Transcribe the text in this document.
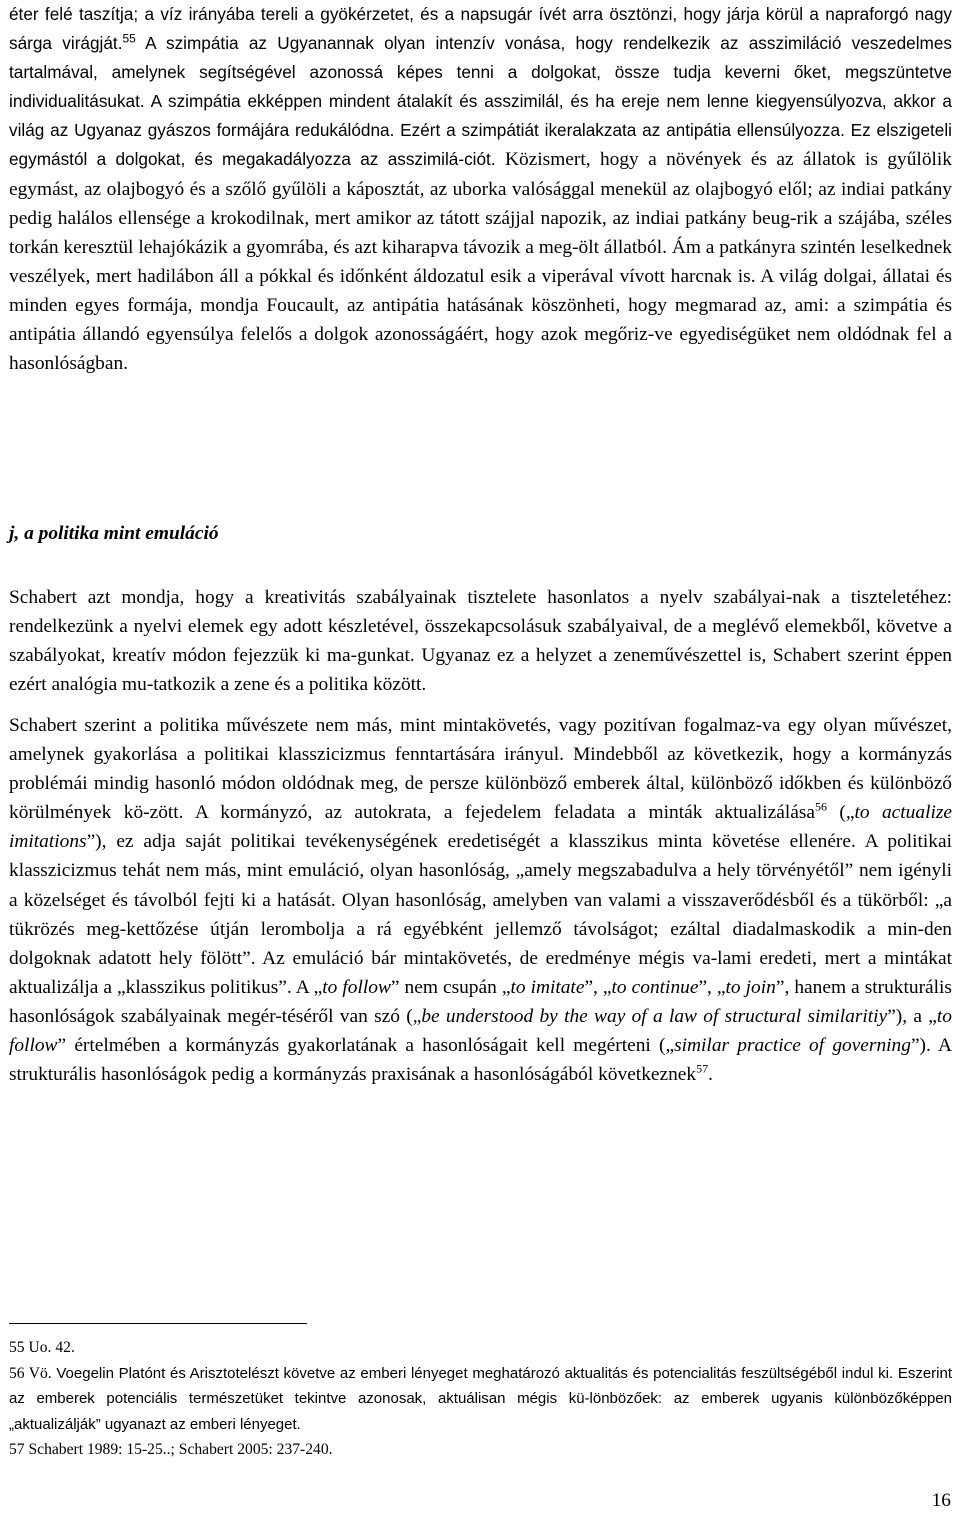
éter felé taszítja; a víz irányába tereli a gyökérzetet, és a napsugár ívét arra ösztönzi, hogy járja körül a napraforgó nagy sárga virágját.$^{55}$ A szimpátia az Ugyanannak olyan intenzív vonása, hogy rendelkezik az asszimiláció veszedelmes tartalmával, amelynek segítségével azonossá képes tenni a dolgokat, össze tudja keverni őket, megszüntetve individualitásukat. A szimpátia ekképpen mindent átalakít és asszimilál, és ha ereje nem lenne kiegyensúlyozva, akkor a világ az Ugyanaz gyászos formájára redukálódna. Ezért a szimpátiát ikeralakzata az antipátia ellensúlyozza. Ez elszigeteli egymástól a dolgokat, és megakadályozza az asszimilá-ciót. Közismert, hogy a növények és az állatok is gyűlölik egymást, az olajbogyó és a szőlő gyűlöli a káposztát, az uborka valósággal menekül az olajbogyó elől; az indiai patkány pedig halálos ellensége a krokodilnak, mert amikor az tátott szájjal napozik, az indiai patkány beug-rik a szájába, széles torkán keresztül lehajókázik a gyomrába, és azt kiharapva távozik a meg-ölt állatból. Ám a patkányra szintén leselkednek veszélyek, mert hadilábon áll a pókkal és időnként áldozatul esik a viperával vívott harcnak is. A világ dolgai, állatai és minden egyes formája, mondja Foucault, az antipátia hatásának köszönheti, hogy megmarad az, ami: a szimpátia és antipátia állandó egyensúlya felelős a dolgok azonosságáért, hogy azok megőriz-ve egyediségüket nem oldódnak fel a hasonlóságban.

j, a politika mint emuláció

Schabert azt mondja, hogy a kreativitás szabályainak tisztelete hasonlatos a nyelv szabályai-nak a tiszteletéhez: rendelkezünk a nyelvi elemek egy adott készletével, összekapcsolásuk szabályaival, de a meglévő elemekből, követve a szabályokat, kreatív módon fejezzük ki ma-gunkat. Ugyanaz ez a helyzet a zeneművészettel is, Schabert szerint éppen ezért analógia mu-tatkozik a zene és a politika között.

Schabert szerint a politika művészete nem más, mint mintakövetés, vagy pozitívan fogalmaz-va egy olyan művészet, amelynek gyakorlása a politikai klasszicizmus fenntartására irányul. Mindebből az következik, hogy a kormányzás problémái mindig hasonló módon oldódnak meg, de persze különböző emberek által, különböző időkben és különböző körülmények kö-zött. A kormányzó, az autokrata, a fejedelem feladata a minták aktualizálása$^{56}$ („to actualize imitations”), ez adja saját politikai tevékenységének eredetiségét a klasszikus minta követése ellenére. A politikai klasszicizmus tehát nem más, mint emuláció, olyan hasonlóság, „amely megszabadulva a hely törvényétől” nem igényli a közelséget és távolból fejti ki a hatását. Olyan hasonlóság, amelyben van valami a visszaverődésből és a tükörből: „a tükrözés meg-kettőzése útján lerombolja a rá egyébként jellemző távolságot; ezáltal diadalmaskodik a min-den dolgoknak adatott hely fölött”. Az emuláció bár mintakövetés, de eredménye mégis va-lami eredeti, mert a mintákat aktualizálja a „klasszikus politikus”. A „to follow” nem csupán „to imitate”, „to continue”, „to join”, hanem a strukturális hasonlóságok szabályainak megér-téséről van szó („be understood by the way of a law of structural similaritiy”), a „to follow” értelmében a kormányzás gyakorlatának a hasonlóságait kell megérteni („similar practice of governing”). A strukturális hasonlóságok pedig a kormányzás praxisának a hasonlóságából következnek$^{57}$.

55 Uo. 42.

56 Vö. Voegelin Platónt és Arisztotelészt követve az emberi lényeget meghatározó aktualitás és potencialitás feszültségéből indul ki. Eszerint az emberek potenciális természetüket tekintve azonosak, aktuálisan mégis kü-lönbözőek: az emberek ugyanis különbözőképpen „aktualizálják” ugyanazt az emberi lényeget.

57 Schabert 1989: 15-25..; Schabert 2005: 237-240.

16
